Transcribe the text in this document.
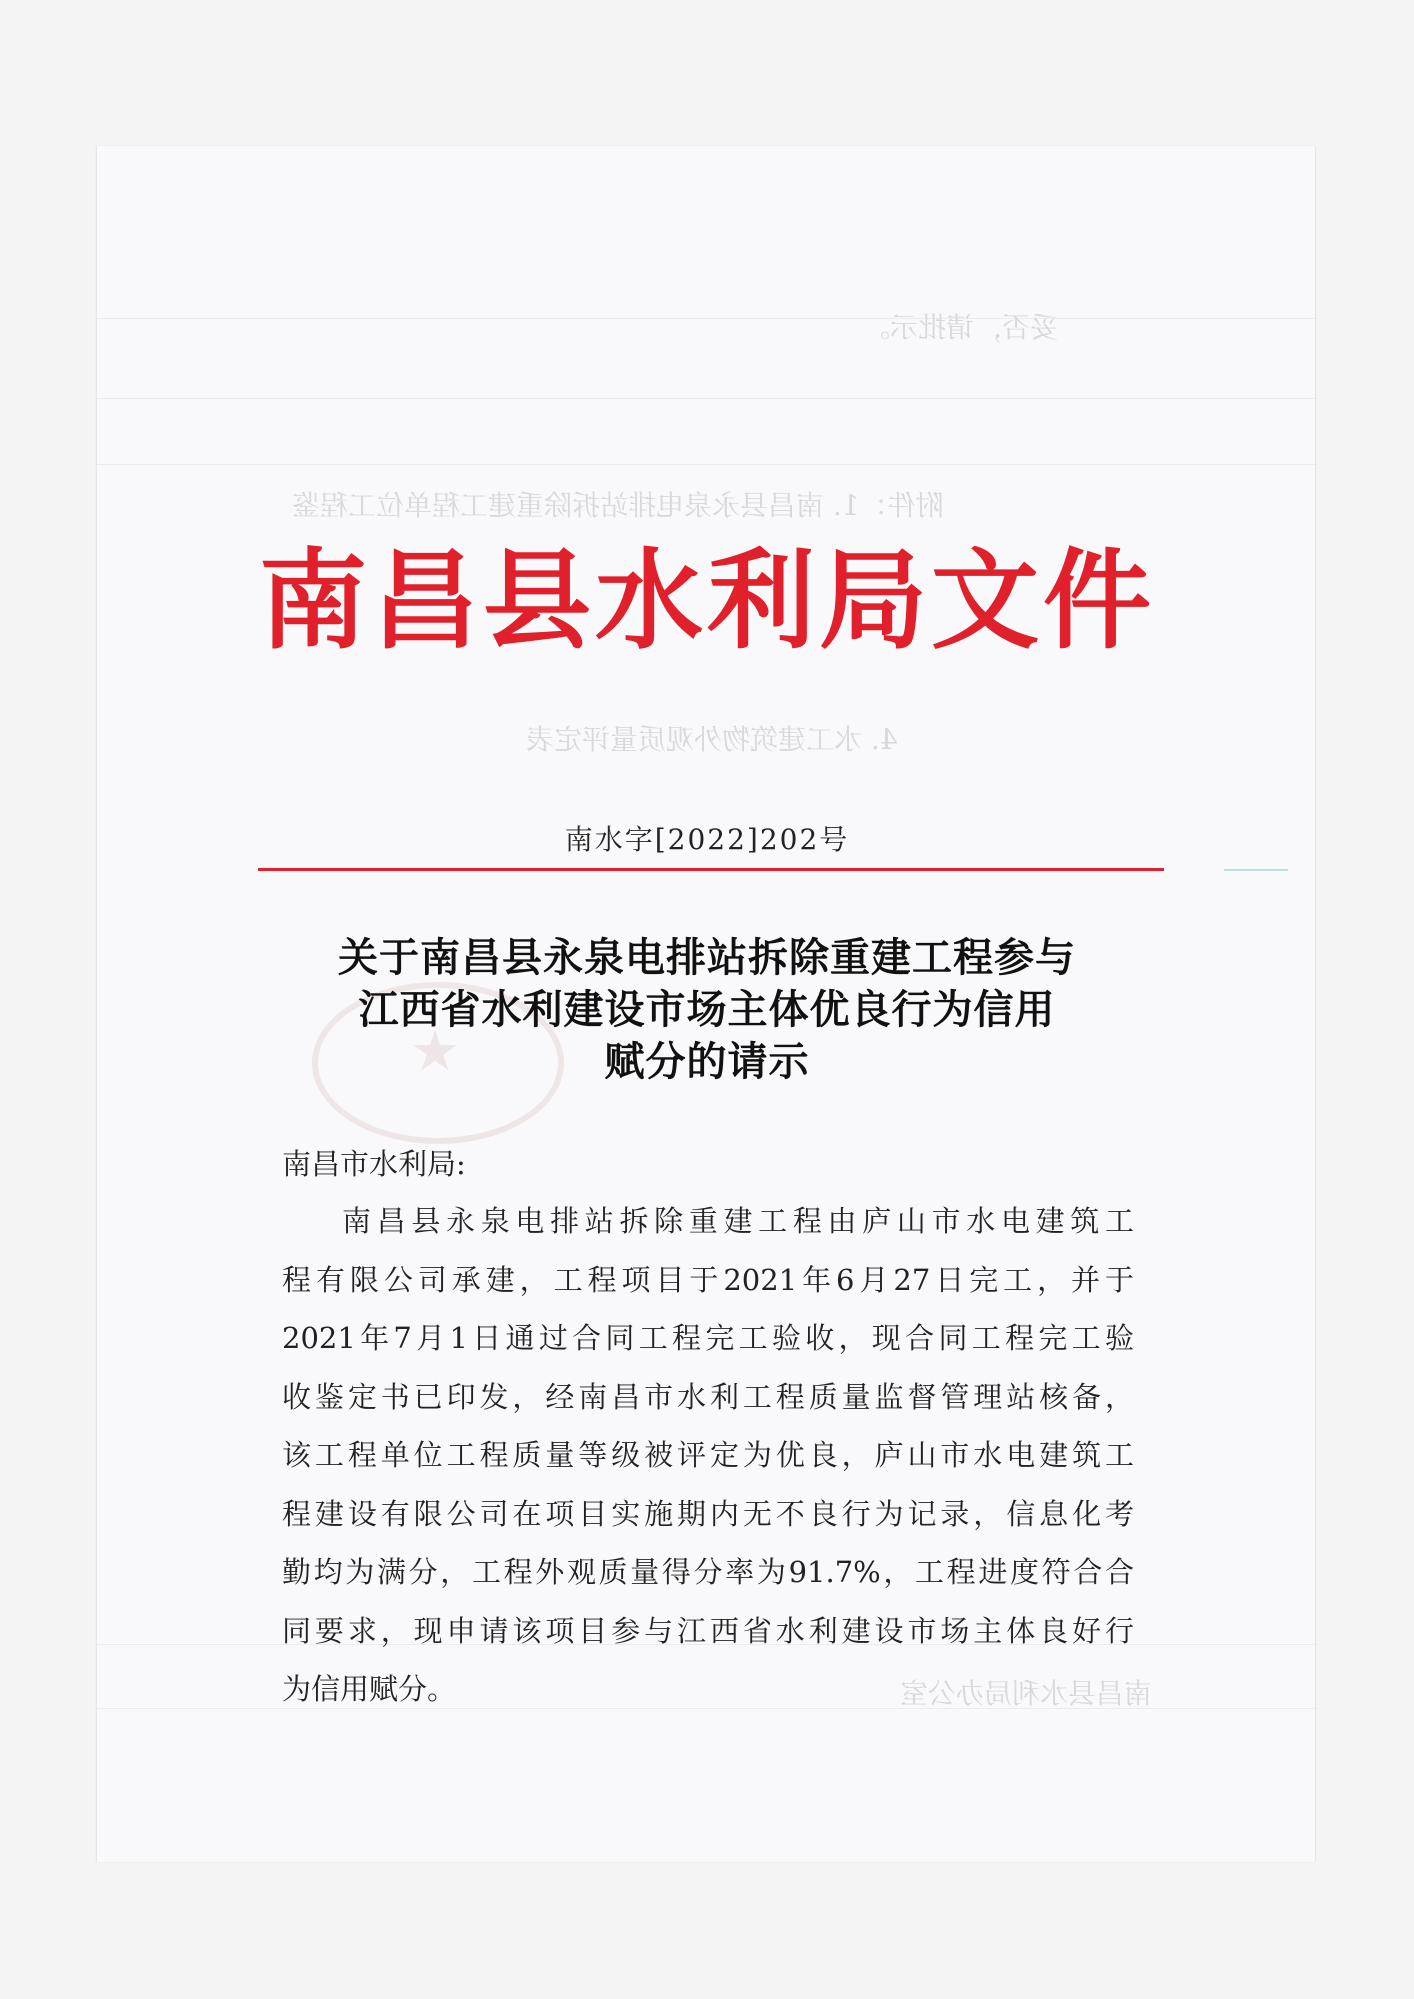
妥否，请批示。
附件：1. 南昌县永泉电排站拆除重建工程单位工程鉴
4. 水工建筑物外观质量评定表
南昌县水利局办公室
★
南昌县水利局文件
南水字[2022]202号
关于南昌县永泉电排站拆除重建工程参与
江西省水利建设市场主体优良行为信用
赋分的请示
南昌市水利局:
南昌县永泉电排站拆除重建工程由庐山市水电建筑工
程有限公司承建，工程项目于2021年6月27日完工，并于
2021年7月1日通过合同工程完工验收，现合同工程完工验
收鉴定书已印发，经南昌市水利工程质量监督管理站核备，
该工程单位工程质量等级被评定为优良，庐山市水电建筑工
程建设有限公司在项目实施期内无不良行为记录，信息化考
勤均为满分，工程外观质量得分率为91.7%，工程进度符合合
同要求，现申请该项目参与江西省水利建设市场主体良好行
为信用赋分。
